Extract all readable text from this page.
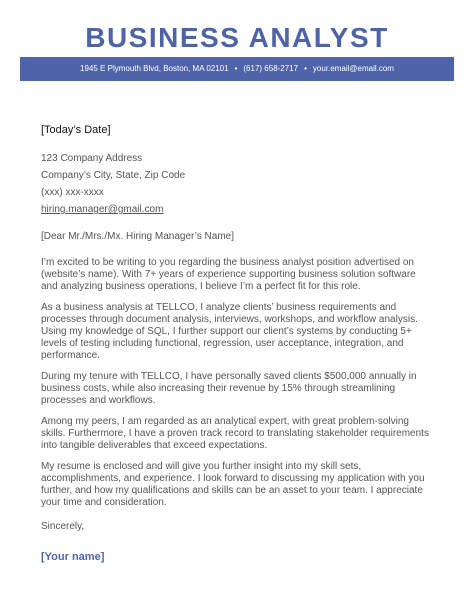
BUSINESS ANALYST
1945 E Plymouth Blvd, Boston, MA 02101 • (617) 658-2717 • your.email@email.com
[Today’s Date]
123 Company Address
Company’s City, State, Zip Code
(xxx) xxx-xxxx
hiring.manager@gmail.com
[Dear Mr./Mrs./Mx. Hiring Manager’s Name]

I’m excited to be writing to you regarding the business analyst position advertised on (website’s name). With 7+ years of experience supporting business solution software and analyzing business operations, I believe I’m a perfect fit for this role.

As a business analysis at TELLCO, I analyze clients’ business requirements and processes through document analysis, interviews, workshops, and workflow analysis. Using my knowledge of SQL, I further support our client’s systems by conducting 5+ levels of testing including functional, regression, user acceptance, integration, and performance.

During my tenure with TELLCO, I have personally saved clients $500,000 annually in business costs, while also increasing their revenue by 15% through streamlining processes and workflows.

Among my peers, I am regarded as an analytical expert, with great problem-solving skills. Furthermore, I have a proven track record to translating stakeholder requirements into tangible deliverables that exceed expectations.

My resume is enclosed and will give you further insight into my skill sets, accomplishments, and experience. I look forward to discussing my application with you further, and how my qualifications and skills can be an asset to your team. I appreciate your time and consideration.

Sincerely,
[Your name]
